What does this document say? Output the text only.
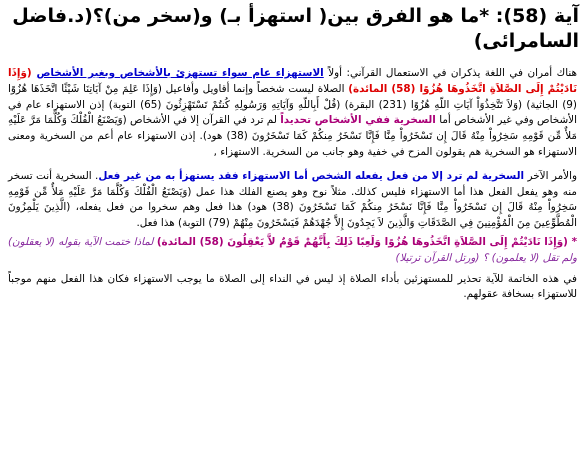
آية (58): *ما هو الفرق بين( استهزأ بـ) و(سخر من)؟(د.فاضل السامرائى)

هناك أمران في اللغة يذكران في الاستعمال القرآني: أولاً الاستهزاء عام سواء تستهزئ بالأشخاص وبغير الأشخاص (وَإِذَا نَادَيْتُمْ إِلَى الصَّلاَةِ اتَّخَذُوهَا هُزُوًا (58) المائدة) الصلاة ليست شخصاً وإنما أقاويل وأفاعيل (وَإِذَا عَلِمَ مِنْ آيَاتِنَا شَيْئًا اتَّخَذَهَا هُزُوًا (9) الجاثية) (وَلاَ تَتَّخِذُوَاْ آيَاتِ اللّهِ هُزُوًا (231) البقرة) (قُلْ أَبِاللّهِ وَآيَاتِهِ وَرَسُولِهِ كُنتُمْ تَسْتَهْزِئُونَ (65) التوبة) إذن الاستهزاء عام في الأشخاص وفي غير الأشخاص أما السخرية ففي الأشخاص تحديداً لم ترد في القرآن إلا في الأشخاص (وَيَصْنَعُ الْفُلْكَ وَكُلَّمَا مَرَّ عَلَيْهِ مَلأٌ مِّن قَوْمِهِ سَخِرُواْ مِنْهُ قَالَ إِن تَسْخَرُواْ مِنَّا فَإِنَّا نَسْخَرُ مِنكُمْ كَمَا تَسْخَرُونَ (38) هود). إذن الاستهزاء عام أعم من السخرية ومعنى الاستهزاء هو السخرية هم يقولون المزح في خفية وهو جانب من السخرية. الاستهزاء ,

والأمر الآخر السخرية لم ترد إلا من فعل يفعله الشخص أما الاستهزاء فقد يستهزأ به من غير فعل. السخرية أنت تسخر منه وهو يفعل الفعل هذا أما الاستهزاء فليس كذلك. مثلاً نوح وهو يصنع الفلك هذا عمل (وَيَصْنَعُ الْفُلْكَ وَكُلَّمَا مَرَّ عَلَيْهِ مَلأٌ مِّن قَوْمِهِ سَخِرُواْ مِنْهُ قَالَ إِن تَسْخَرُواْ مِنَّا فَإِنَّا نَسْخَرُ مِنكُمْ كَمَا تَسْخَرُونَ (38) هود) هذا فعل وهم سخروا من فعل يفعله، (الَّذِينَ يَلْمِزُونَ الْمُطَّوِّعِينَ مِنَ الْمُؤْمِنِينَ فِي الصَّدَقَاتِ وَالَّذِينَ لاَ يَجِدُونَ إِلاَّ جُهْدَهُمْ فَيَسْخَرُونَ مِنْهُمْ (79) التوبة) هذا فعل.

* (وَإِذَا نَادَيْتُمْ إِلَى الصَّلاَةِ اتَّخَذُوهَا هُزُوًا وَلَعِبًا ذَلِكَ بِأَنَّهُمْ قَوْمٌ لاَّ يَعْقِلُونَ (58) المائدة) لماذا ختمت الآية بقوله (لا يعقلون) ولم تقل (لا يعلمون) ؟ (ورتل القرآن ترتيلا)

في هذه الخاتمة للآية تحذير للمستهزئين بأداء الصلاة إذ ليس في النداء إلى الصلاة ما يوجب الاستهزاء فكان هذا الفعل منهم موجباً للاستهزاء بسخافة عقولهم.
